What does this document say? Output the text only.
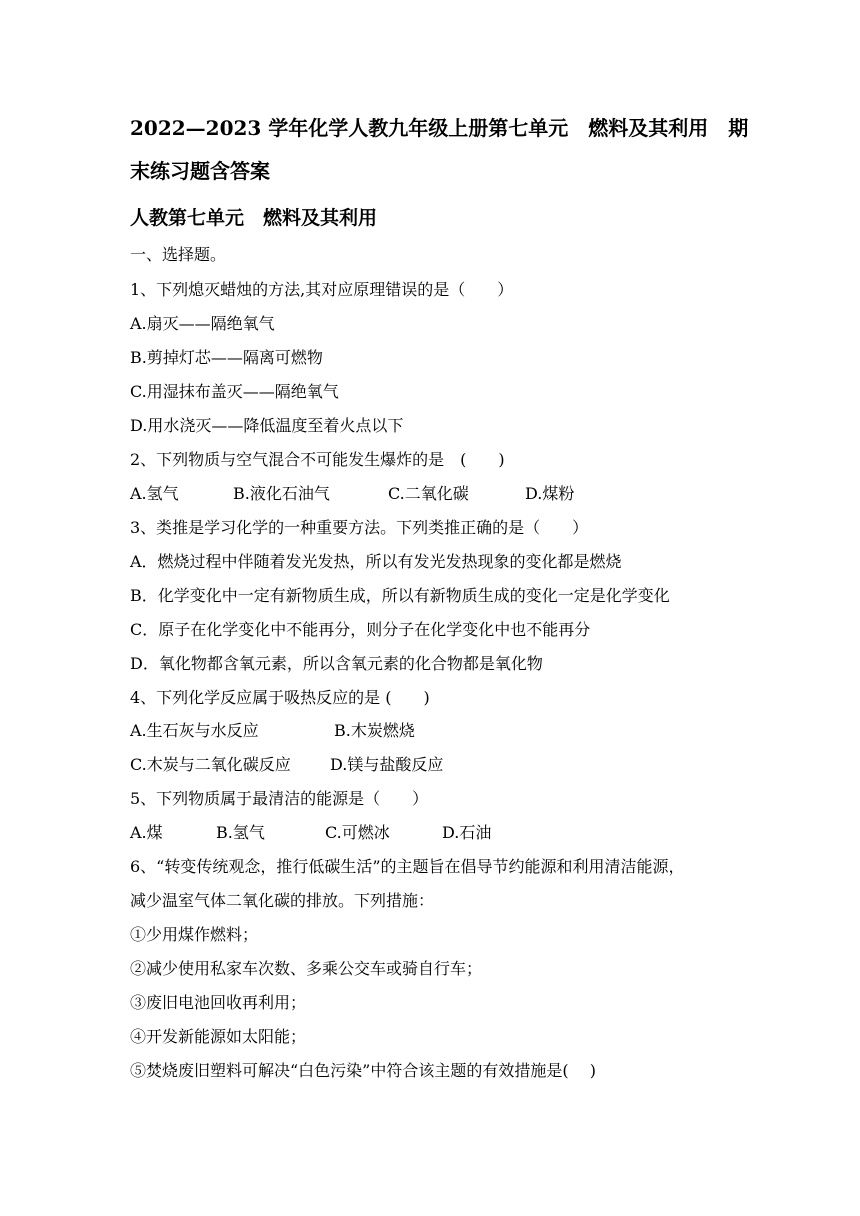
2022—2023 学年化学人教九年级上册第七单元　燃料及其利用　期
末练习题含答案
人教第七单元　燃料及其利用
一、选择题。
1、下列熄灭蜡烛的方法,其对应原理错误的是（　　）
A.扇灭——隔绝氧气
B.剪掉灯芯——隔离可燃物
C.用湿抹布盖灭——隔绝氧气
D.用水浇灭——降低温度至着火点以下
2、下列物质与空气混合不可能发生爆炸的是　(　　)
A.氢气	B.液化石油气	C.二氧化碳	D.煤粉
3、类推是学习化学的一种重要方法。下列类推正确的是（　　）
A．燃烧过程中伴随着发光发热，所以有发光发热现象的变化都是燃烧
B．化学变化中一定有新物质生成，所以有新物质生成的变化一定是化学变化
C．原子在化学变化中不能再分，则分子在化学变化中也不能再分
D．氧化物都含氧元素，所以含氧元素的化合物都是氧化物
4、下列化学反应属于吸热反应的是 (　　)
A.生石灰与水反应	B.木炭燃烧
C.木炭与二氧化碳反应 D.镁与盐酸反应
5、下列物质属于最清洁的能源是（　　）
A.煤	B.氢气	C.可燃冰	D.石油
6、“转变传统观念，推行低碳生活”的主题旨在倡导节约能源和利用清洁能源，
减少温室气体二氧化碳的排放。下列措施：
①少用煤作燃料；
②减少使用私家车次数、多乘公交车或骑自行车；
③废旧电池回收再利用；
④开发新能源如太阳能；
⑤焚烧废旧塑料可解决“白色污染”中符合该主题的有效措施是(　 )
